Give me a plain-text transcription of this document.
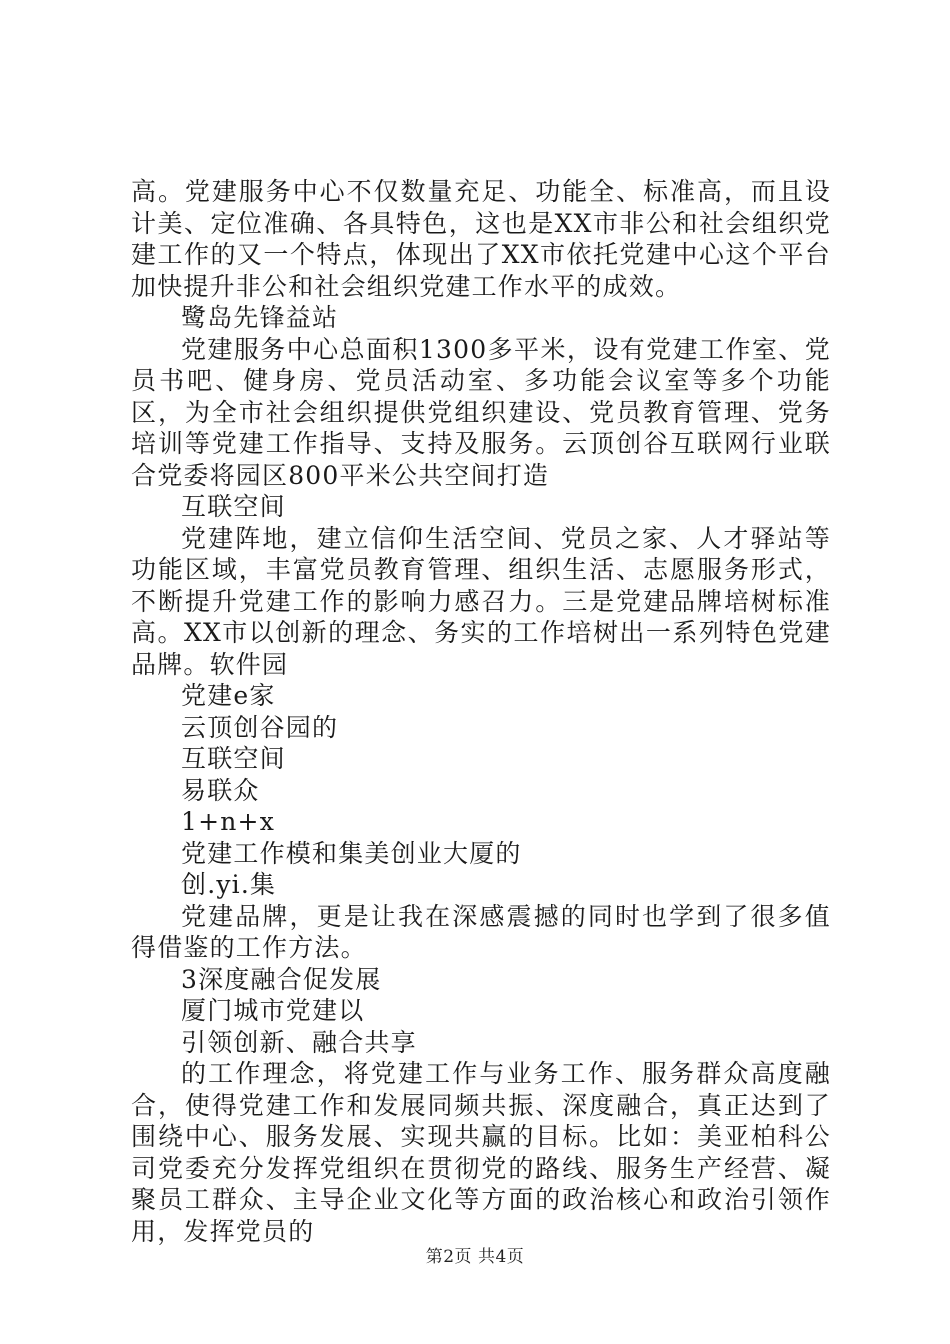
高。党建服务中心不仅数量充足、功能全、标准高，而且设计美、定位准确、各具特色，这也是XX市非公和社会组织党建工作的又一个特点，体现出了XX市依托党建中心这个平台加快提升非公和社会组织党建工作水平的成效。

鹭岛先锋益站

党建服务中心总面积1300多平米，设有党建工作室、党员书吧、健身房、党员活动室、多功能会议室等多个功能区，为全市社会组织提供党组织建设、党员教育管理、党务培训等党建工作指导、支持及服务。云顶创谷互联网行业联合党委将园区800平米公共空间打造

互联空间

党建阵地，建立信仰生活空间、党员之家、人才驿站等功能区域，丰富党员教育管理、组织生活、志愿服务形式，不断提升党建工作的影响力感召力。三是党建品牌培树标准高。XX市以创新的理念、务实的工作培树出一系列特色党建品牌。软件园

党建e家

云顶创谷园的

互联空间

易联众

1+n+x

党建工作模和集美创业大厦的

创.yi.集

党建品牌，更是让我在深感震撼的同时也学到了很多值得借鉴的工作方法。

3深度融合促发展

厦门城市党建以

引领创新、融合共享

的工作理念，将党建工作与业务工作、服务群众高度融合，使得党建工作和发展同频共振、深度融合，真正达到了围绕中心、服务发展、实现共赢的目标。比如：美亚柏科公司党委充分发挥党组织在贯彻党的路线、服务生产经营、凝聚员工群众、主导企业文化等方面的政治核心和政治引领作用，发挥党员的

第2页 共4页
